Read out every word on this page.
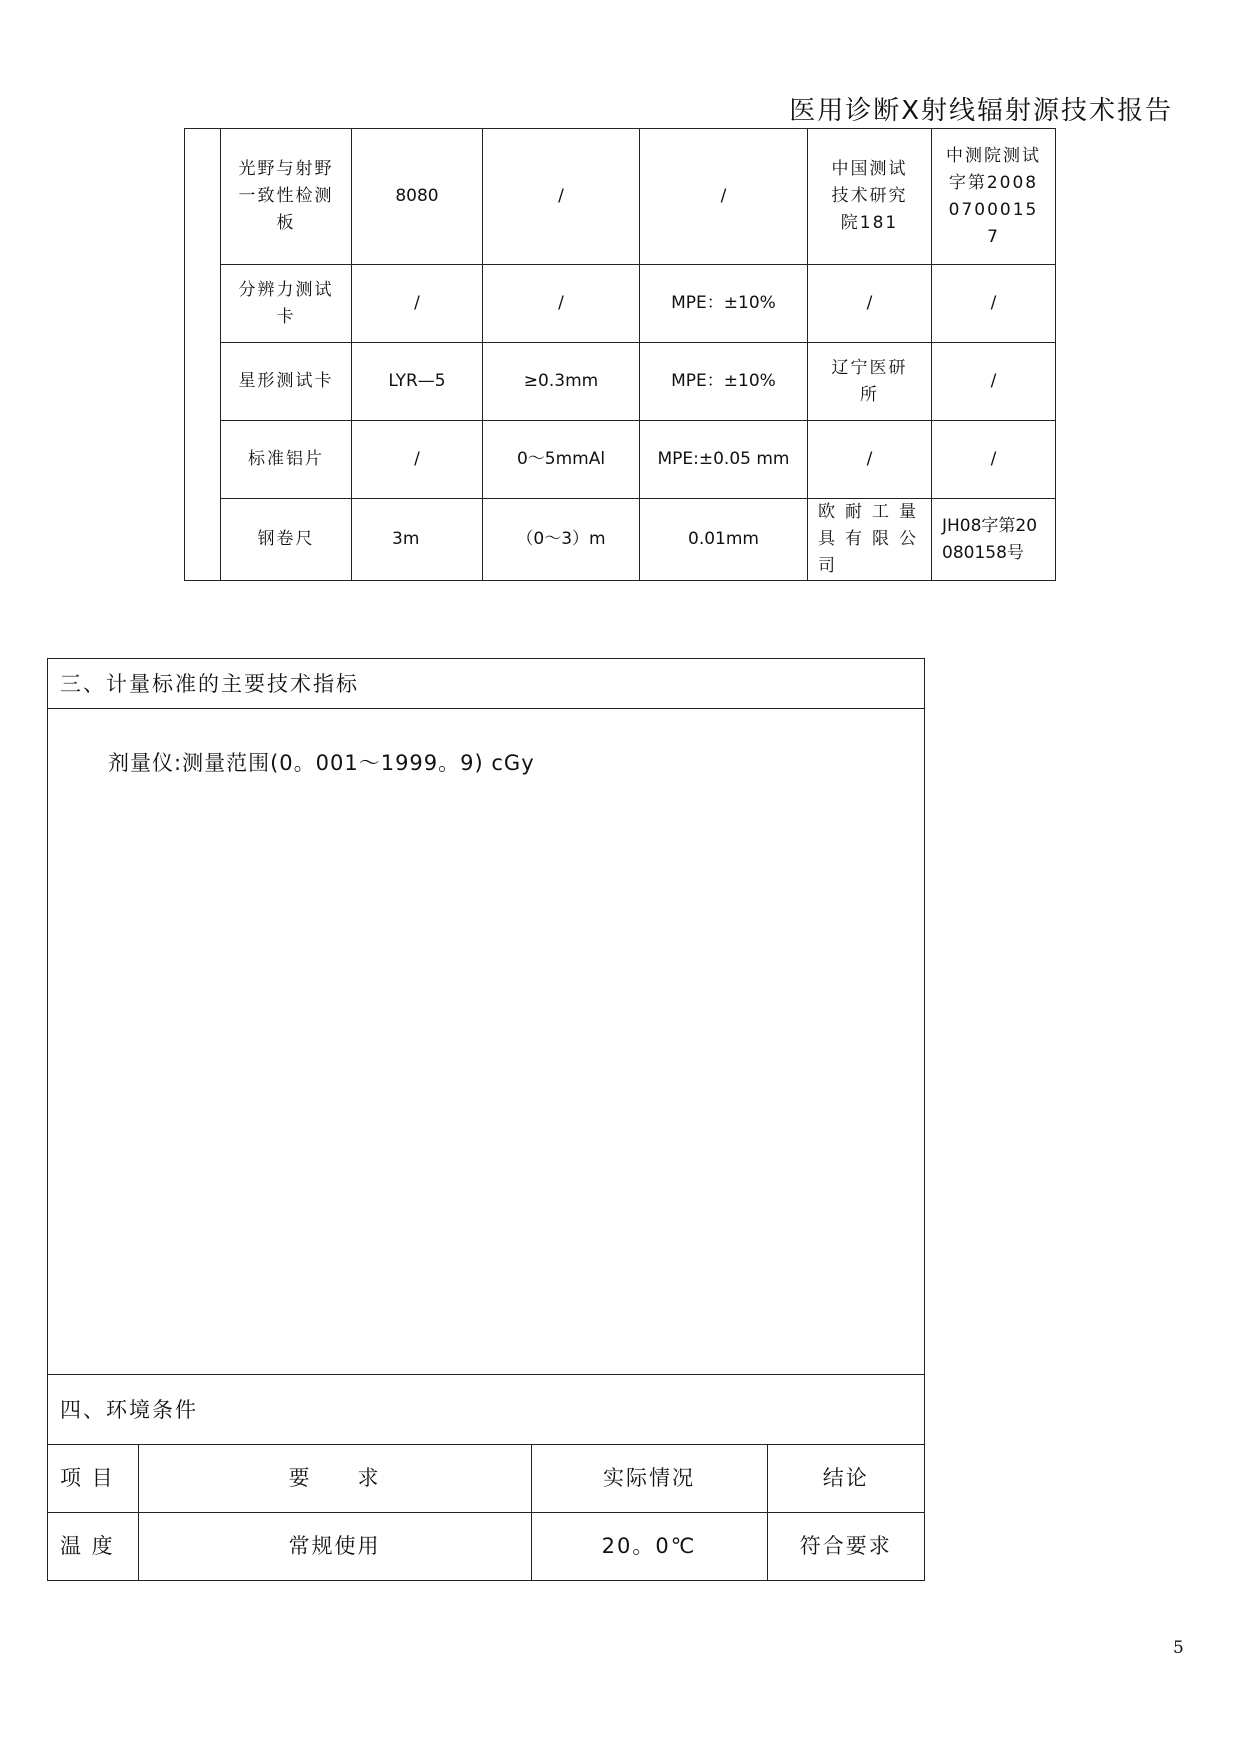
医用诊断X射线辐射源技术报告
	光野与射野一致性检测板	8080	/	/	中国测试技术研究院181	中测院测试字第200807000157
	分辨力测试卡	/	/	MPE：±10%	/	/
	星形测试卡	LYR—5	≥0.3mm	MPE：±10%	辽宁医研所	/
	标准铝片	/	0～5mmAl	MPE:±0.05 mm	/	/
	钢卷尺	3m	（0～3）m	0.01mm	欧耐工量具有限公司	JH08字第20080158号
三、计量标准的主要技术指标
剂量仪:测量范围(0。001～1999。9) cGy
四、环境条件
项 目	要　　求	实际情况	结论
温 度	常规使用	20。0℃	符合要求
5
